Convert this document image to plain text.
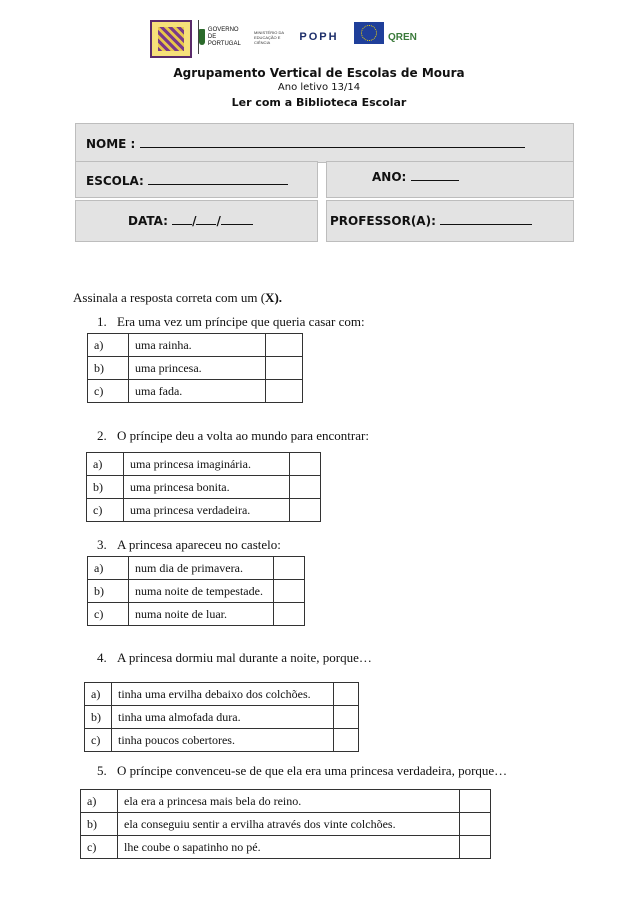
GOVERNO DE PORTUGAL
MINISTÉRIO DA EDUCAÇÃO E CIÊNCIA	POPH	QREN
Agrupamento Vertical de Escolas de Moura
Ano letivo 13/14
Ler com a Biblioteca Escolar
NOME :
ESCOLA:	ANO:
DATA: / /	PROFESSOR(A):
Assinala a resposta correta com um (X).
1. Era uma vez um príncipe que queria casar com:
a)	uma rainha.	
b)	uma princesa.	
c)	uma fada.	
2. O príncipe deu a volta ao mundo para encontrar:
a)	uma princesa imaginária.	
b)	uma princesa bonita.	
c)	uma princesa verdadeira.	
3. A princesa apareceu no castelo:
a)	num dia de primavera.	
b)	numa noite de tempestade.	
c)	numa noite de luar.	
4. A princesa dormiu mal durante a noite, porque…
a)	tinha uma ervilha debaixo dos colchões.	
b)	tinha uma almofada dura.	
c)	tinha poucos cobertores.	
5. O príncipe convenceu-se de que ela era uma princesa verdadeira, porque…
a)	ela era a princesa mais bela do reino.	
b)	ela conseguiu sentir a ervilha através dos vinte colchões.	
c)	lhe coube o sapatinho no pé.	
